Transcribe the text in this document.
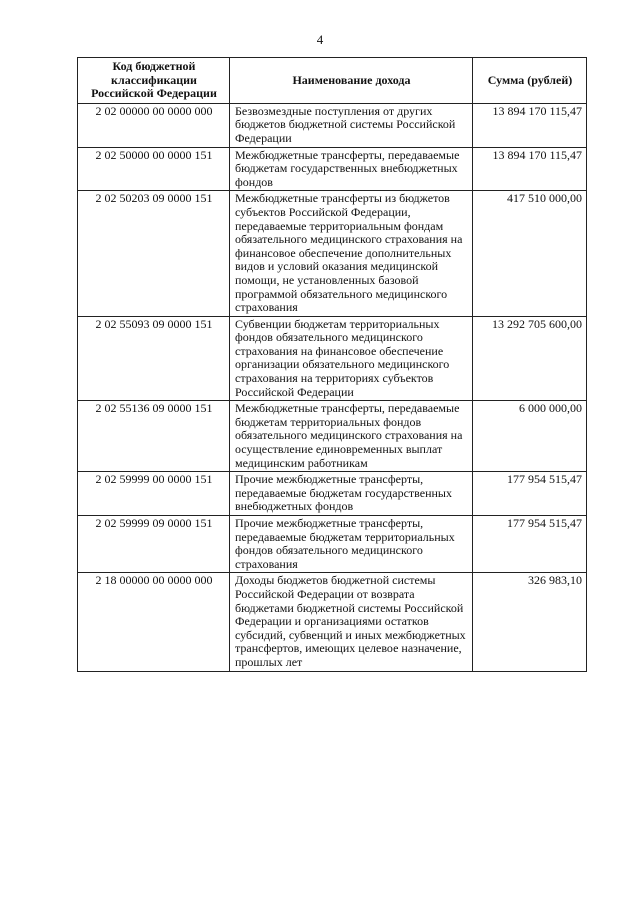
4
Код бюджетной классификации Российской Федерации	Наименование дохода	Сумма (рублей)
2 02 00000 00 0000 000	Безвозмездные поступления от других бюджетов бюджетной системы Российской Федерации	13 894 170 115,47
2 02 50000 00 0000 151	Межбюджетные трансферты, передаваемые бюджетам государственных внебюджетных фондов	13 894 170 115,47
2 02 50203 09 0000 151	Межбюджетные трансферты из бюджетов субъектов Российской Федерации, передаваемые территориальным фондам обязательного медицинского страхования на финансовое обеспечение дополнительных видов и условий оказания медицинской помощи, не установленных базовой программой обязательного медицинского страхования	417 510 000,00
2 02 55093 09 0000 151	Субвенции бюджетам территориальных фондов обязательного медицинского страхования на финансовое обеспечение организации обязательного медицинского страхования на территориях субъектов Российской Федерации	13 292 705 600,00
2 02 55136 09 0000 151	Межбюджетные трансферты, передаваемые бюджетам территориальных фондов обязательного медицинского страхования на осуществление единовременных выплат медицинским работникам	6 000 000,00
2 02 59999 00 0000 151	Прочие межбюджетные трансферты, передаваемые бюджетам государственных внебюджетных фондов	177 954 515,47
2 02 59999 09 0000 151	Прочие межбюджетные трансферты, передаваемые бюджетам территориальных фондов обязательного медицинского страхования	177 954 515,47
2 18 00000 00 0000 000	Доходы бюджетов бюджетной системы Российской Федерации от возврата бюджетами бюджетной системы Российской Федерации и организациями остатков субсидий, субвенций и иных межбюджетных трансфертов, имеющих целевое назначение, прошлых лет	326 983,10
